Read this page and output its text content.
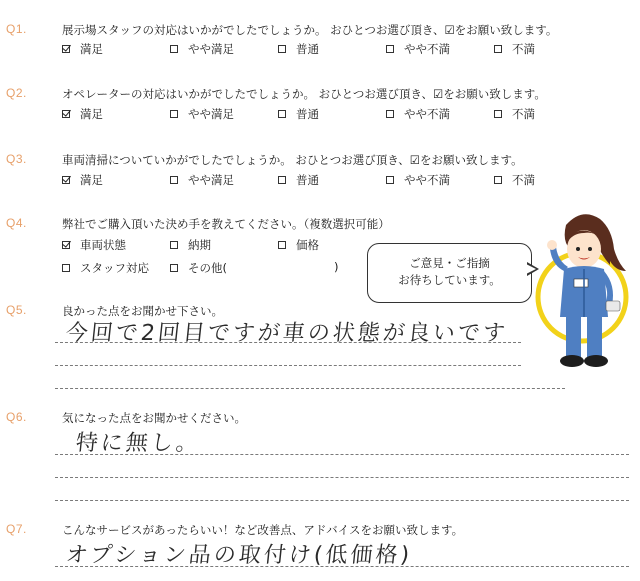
Q1.	展示場スタッフの対応はいかがでしたでしょうか。 おひとつお選び頂き、☑をお願い致します。
満足	やや満足	普通	やや不満	不満
Q2.	オペレーターの対応はいかがでしたでしょうか。 おひとつお選び頂き、☑をお願い致します。
満足	やや満足	普通	やや不満	不満
Q3.	車両清掃についていかがでしたでしょうか。 おひとつお選び頂き、☑をお願い致します。
満足	やや満足	普通	やや不満	不満
Q4.	弊社でご購入頂いた決め手を教えてください。（複数選択可能）
車両状態	納期	価格
スタッフ対応	その他(	)	ご意見・ご指摘
お待ちしています。
Q5.	良かった点をお聞かせ下さい。
今回で2回目ですが車の状態が良いです
Q6.	気になった点をお聞かせください。
特に無し。
Q7.	こんなサービスがあったらいい！など改善点、アドバイスをお願い致します。
オプション品の取付け(低価格)
